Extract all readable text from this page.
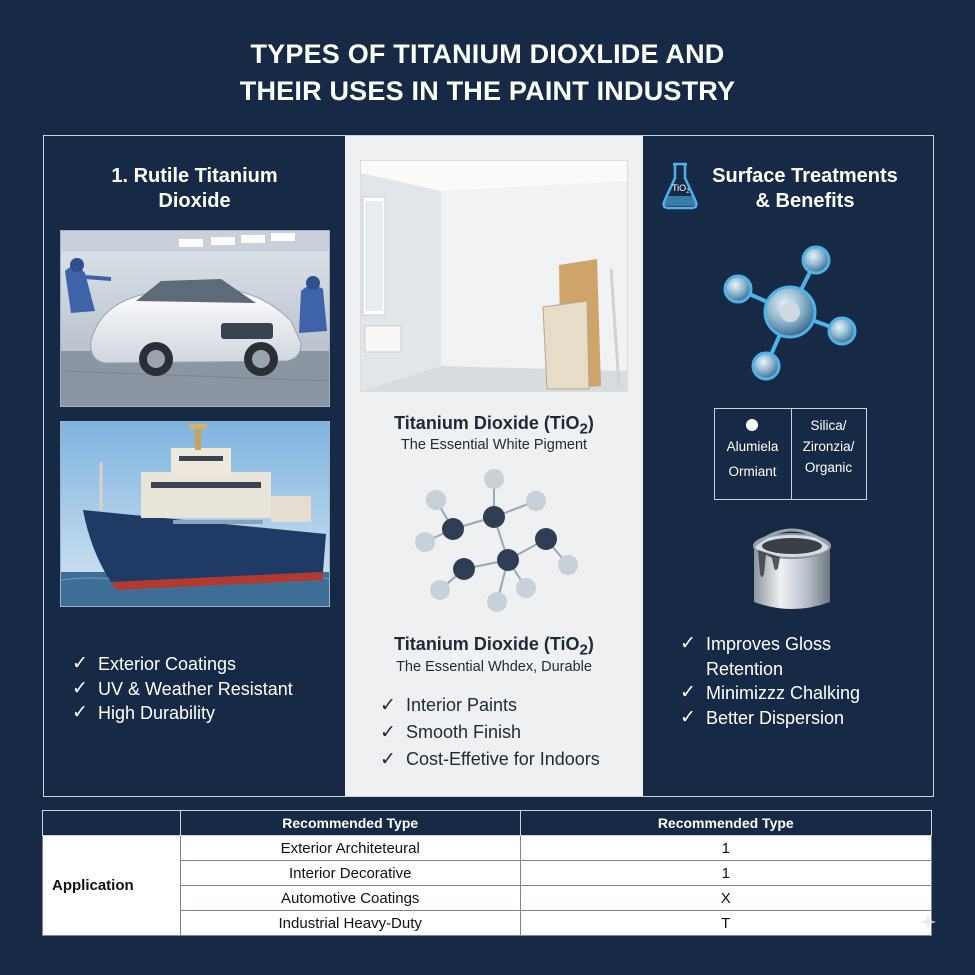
TYPES OF TITANIUM DIOXLIDE AND
THEIR USES IN THE PAINT INDUSTRY
1. Rutile Titanium
Dioxide
✓ Exterior Coatings
✓ UV & Weather Resistant
✓ High Durability
Titanium Dioxide (TiO$_2$)
The Essential White Pigment
Titanium Dioxide (TiO$_2$)
The Essential Whdex, Durable
✓ Interior Paints
✓ Smooth Finish
✓ Cost-Effetive for Indoors
TiO$_2$
Surface Treatments
& Benefits
Alumiela
Ormiant
Silica/
Zironzia/
Organic
✓ Improves Gloss
Retention
✓ Minimizzz Chalking
✓ Better Dispersion
	Recommended Type	Recommended Type
Application	Exterior Architeteural	1
	Interior Decorative	1
	Automotive Coatings	X
	Industrial Heavy-Duty	T
